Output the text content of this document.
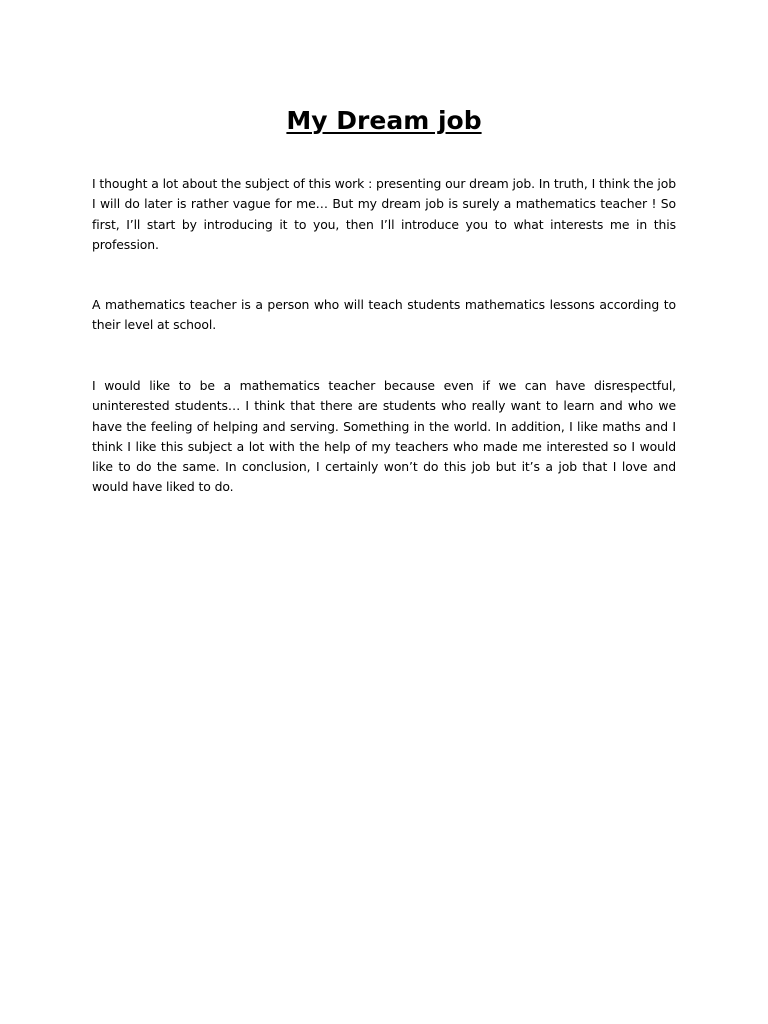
My Dream job

I thought a lot about the subject of this work : presenting our dream job. In truth, I think the job I will do later is rather vague for me… But my dream job is surely a mathematics teacher ! So first, I’ll start by introducing it to you, then I’ll introduce you to what interests me in this profession.

A mathematics teacher is a person who will teach students mathematics lessons according to their level at school.

I would like to be a mathematics teacher because even if we can have disrespectful, uninterested students… I think that there are students who really want to learn and who we have the feeling of helping and serving. Something in the world. In addition, I like maths and I think I like this subject a lot with the help of my teachers who made me interested so I would like to do the same. In conclusion, I certainly won’t do this job but it’s a job that I love and would have liked to do.
